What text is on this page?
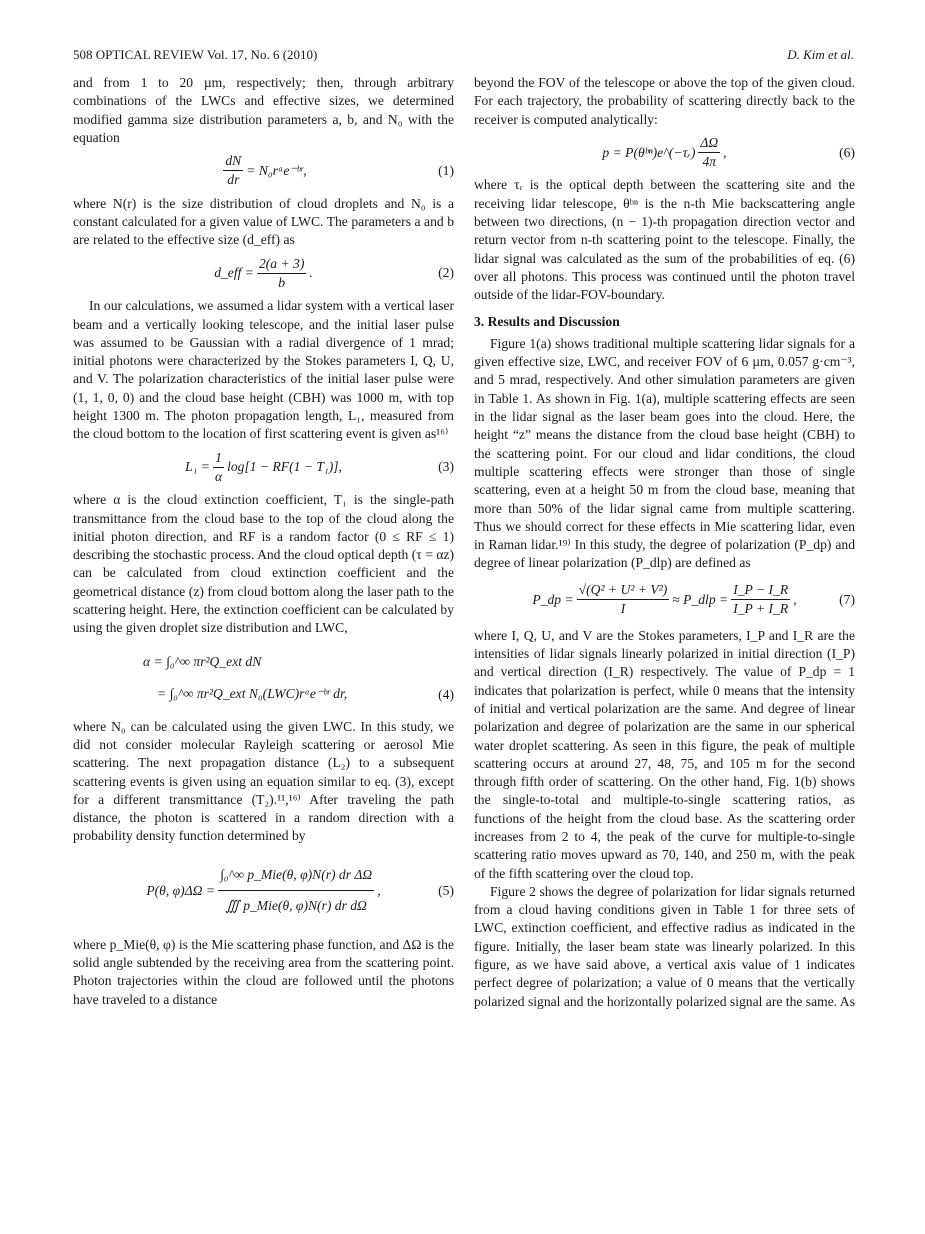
508 OPTICAL REVIEW Vol. 17, No. 6 (2010)	D. Kim et al.

and from 1 to 20 µm, respectively; then, through arbitrary combinations of the LWCs and effective sizes, we determined modified gamma size distribution parameters a, b, and N₀ with the equation

$\frac{dN}{dr}$ = N₀rᵃe⁻ᵇʳ,	(1)

where N(r) is the size distribution of cloud droplets and N₀ is a constant calculated for a given value of LWC. The parameters a and b are related to the effective size (d_eff) as

d_eff = $\frac{2(a + 3)}{b}$ .	(2)

In our calculations, we assumed a lidar system with a vertical laser beam and a vertically looking telescope, and the initial laser pulse was assumed to be Gaussian with a radial divergence of 1 mrad; initial photons were characterized by the Stokes parameters I, Q, U, and V. The polarization characteristics of the initial laser pulse were (1, 1, 0, 0) and the cloud base height (CBH) was 1000 m, with top height 1300 m. The photon propagation length, L₁, measured from the cloud bottom to the location of first scattering event is given as¹⁶⁾

$L_1 = \frac{1}{\alpha} \log[1 - RF(1 - T_1)]$,	(3)

where α is the cloud extinction coefficient, T₁ is the single-path transmittance from the cloud base to the top of the cloud along the initial photon direction, and RF is a random factor (0 ≤ RF ≤ 1) describing the stochastic process. And the cloud optical depth (τ = αz) can be calculated from cloud extinction coefficient and the geometrical distance (z) from cloud bottom along the laser path to the scattering height. Here, the extinction coefficient can be calculated by using the given droplet size distribution and LWC,

α = ∫₀^∞ πr²Q_ext dN
= ∫₀^∞ πr²Q_ext N₀(LWC)rᵃe⁻ᵇʳ dr,	(4)

where N₀ can be calculated using the given LWC. In this study, we did not consider molecular Rayleigh scattering or aerosol Mie scattering. The next propagation distance (L₂) to a subsequent scattering events is given using an equation similar to eq. (3), except for a different transmittance (T₂).¹¹,¹⁶⁾ After traveling the path distance, the photon is scattered in a random direction with a probability density function determined by

P(θ, $\varphi)\Delta\Omega = \frac{\text{∫₀\textasciicircum{}∞ p\_Mie(θ, φ)N(r) dr ΔΩ}}{\text{∭ p\_Mie(θ, φ)N(r) dr dΩ}}$ ,	(5)

where p_Mie(θ, φ) is the Mie scattering phase function, and ΔΩ is the solid angle subtended by the receiving area from the scattering point. Photon trajectories within the cloud are followed until the photons have traveled to a distance

beyond the FOV of the telescope or above the top of the given cloud. For each trajectory, the probability of scattering directly back to the receiver is computed analytically:

p = P(θᵇⁿ)e^(−τᵣ) $\frac{\Delta\Omega}{4\pi}$ ,	(6)

where τᵣ is the optical depth between the scattering site and the receiving lidar telescope, θᵇⁿ is the n-th Mie backscattering angle between two directions, (n − 1)-th propagation direction vector and return vector from n-th scattering point to the telescope. Finally, the lidar signal was calculated as the sum of the probabilities of eq. (6) over all photons. This process was continued until the photon travel outside of the lidar-FOV-boundary.

3. Results and Discussion

Figure 1(a) shows traditional multiple scattering lidar signals for a given effective size, LWC, and receiver FOV of 6 µm, 0.057 g·cm⁻³, and 5 mrad, respectively. And other simulation parameters are given in Table 1. As shown in Fig. 1(a), multiple scattering effects are seen in the lidar signal as the laser beam goes into the cloud. Here, the height “z” means the distance from the cloud base height (CBH) to the scattering point. For our cloud and lidar conditions, the cloud multiple scattering effects were stronger than those of single scattering, even at a height 50 m from the cloud base, meaning that more than 50% of the lidar signal came from multiple scattering. Thus we should correct for these effects in Mie scattering lidar, even in Raman lidar.¹⁹⁾ In this study, the degree of polarization (P_dp) and degree of linear polarization (P_dlp) are defined as

P_dp = $\frac{\text{√(Q² + U² + V²)}}{I}$ ≈ P_dlp = $\frac{I\_P - I\_R}{I\_P + I\_R}$ ,	(7)

where I, Q, U, and V are the Stokes parameters, I_P and I_R are the intensities of lidar signals linearly polarized in initial direction (I_P) and vertical direction (I_R) respectively. The value of P_dp = 1 indicates that polarization is perfect, while 0 means that the intensity of initial and vertical polarization are the same. And degree of linear polarization and degree of polarization are the same in our spherical water droplet scattering. As seen in this figure, the peak of multiple scattering occurs at around 27, 48, 75, and 105 m for the second through fifth order of scattering. On the other hand, Fig. 1(b) shows the single-to-total and multiple-to-single scattering ratios, as functions of the height from the cloud base. As the scattering order increases from 2 to 4, the peak of the curve for multiple-to-single scattering ratio moves upward as 70, 140, and 250 m, with the peak of the fifth scattering over the cloud top.

Figure 2 shows the degree of polarization for lidar signals returned from a cloud having conditions given in Table 1 for three sets of LWC, extinction coefficient, and effective radius as indicated in the figure. Initially, the laser beam state was linearly polarized. In this figure, as we have said above, a vertical axis value of 1 indicates perfect degree of polarization; a value of 0 means that the vertically polarized signal and the horizontally polarized signal are the same. As
